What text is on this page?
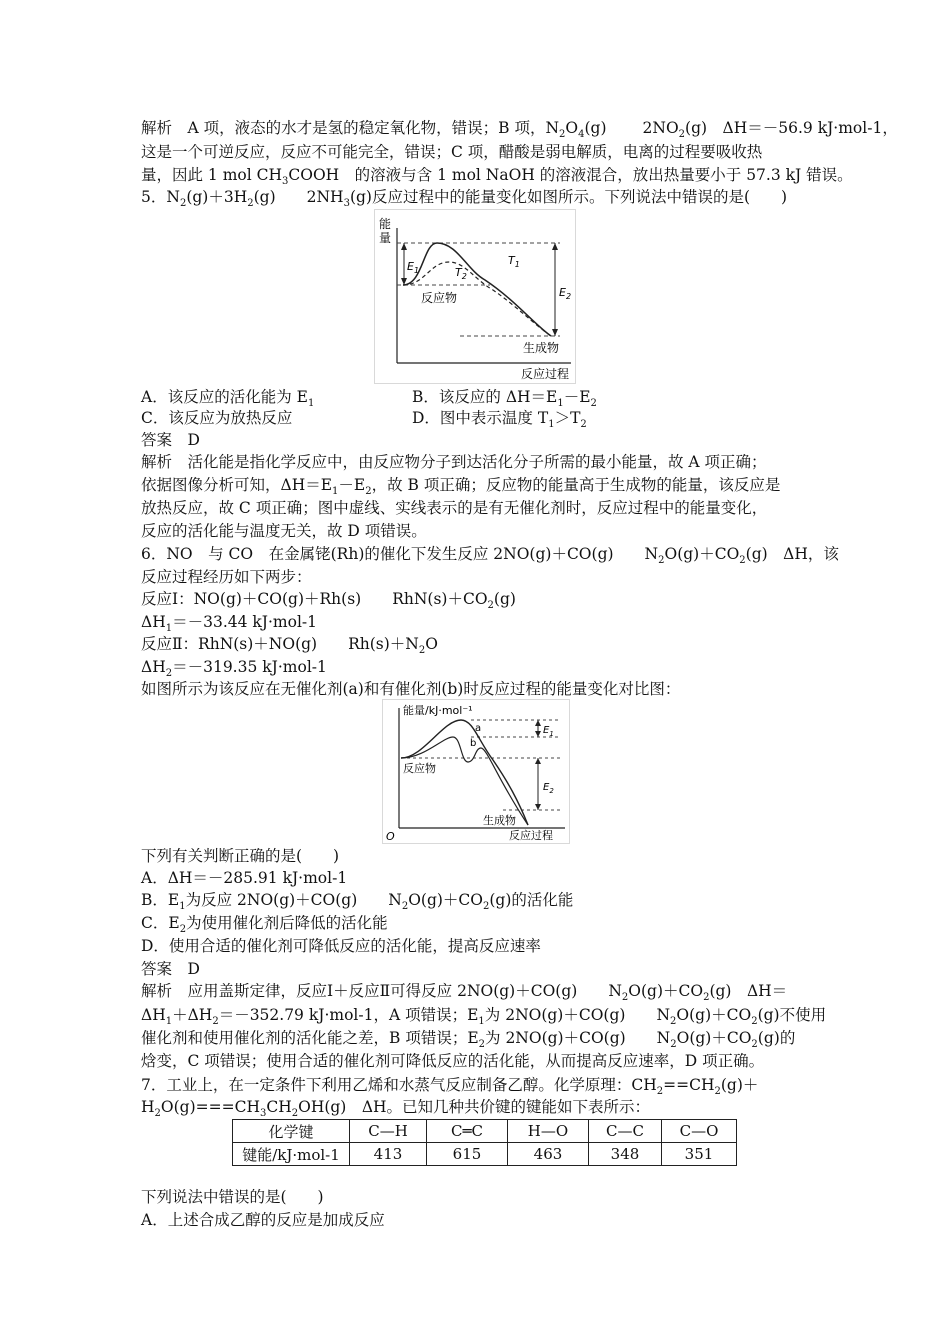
解析　A 项，液态的水才是氢的稳定氧化物，错误；B 项，$N_2O_4(g)$ $2NO_2(g)$　ΔH＝－56.9 kJ·mol-1，
这是一个可逆反应，反应不可能完全，错误；C 项，醋酸是弱电解质，电离的过程要吸收热
量，因此 1 mol $CH_3COOH$　的溶液与含 1 mol NaOH 的溶液混合，放出热量要小于 57.3 kJ 错误。
5．$N_2(g)+3H_2(g)$　　$2NH_3(g)$反应过程中的能量变化如图所示。下列说法中错误的是(　　)
能
量
$E_1$
$E_2$
$T_1$
$T_2$
反应物
生成物
反应过程
A．该反应的活化能为 $E_1$	B．该反应的 $\Delta H=E_1-E_2$
C．该反应为放热反应	D．图中表示温度 $T_1>T_2$
答案　D
解析　活化能是指化学反应中，由反应物分子到达活化分子所需的最小能量，故 A 项正确；
依据图像分析可知，$\Delta H=E_1-E_2$，故 B 项正确；反应物的能量高于生成物的能量，该反应是
放热反应，故 C 项正确；图中虚线、实线表示的是有无催化剂时，反应过程中的能量变化，
反应的活化能与温度无关，故 D 项错误。
6．NO　与 CO　在金属铑(Rh)的催化下发生反应 2NO(g)＋CO(g)　　$N_2O(g)+CO_2(g)$　ΔH，该
反应过程经历如下两步：
反应Ⅰ：NO(g)＋CO(g)＋Rh(s)　　$RhN(s)+CO_2(g)$
$\Delta H_1=-33.44$ kJ·mol-1
反应Ⅱ：RhN(s)＋NO(g)　　$Rh(s)+N_2O$
$\Delta H_2=-319.35$ kJ·mol-1
如图所示为该反应在无催化剂(a)和有催化剂(b)时反应过程的能量变化对比图：
能量/kJ·mol⁻¹
O
$E_1$
$E_2$
a
b
反应物
生成物
反应过程
下列有关判断正确的是(　　)
A．ΔH＝－285.91 kJ·mol-1
B．$E_1$为反应 2NO(g)＋CO(g)　　$N_2O(g)+CO_2(g)$的活化能
C．$E_2$为使用催化剂后降低的活化能
D．使用合适的催化剂可降低反应的活化能，提高反应速率
答案　D
解析　应用盖斯定律，反应Ⅰ＋反应Ⅱ可得反应 2NO(g)＋CO(g)　　$N_2O(g)+CO_2(g)$　ΔH＝
$\Delta H_1+\Delta H_2=-352.79$ kJ·mol-1，A 项错误；$E_1$为 2NO(g)＋CO(g)　　$N_2O(g)+CO_2(g)$不使用
催化剂和使用催化剂的活化能之差，B 项错误；$E_2$为 2NO(g)＋CO(g)　　$N_2O(g)+CO_2(g)$的
焓变，C 项错误；使用合适的催化剂可降低反应的活化能，从而提高反应速率，D 项正确。
7．工业上，在一定条件下利用乙烯和水蒸气反应制备乙醇。化学原理：$CH_2==CH_2(g)+$
$H_2O(g)===CH_3CH_2OH(g)$　ΔH。已知几种共价键的键能如下表所示：
化学键	C—H	C═C	H—O	C—C	C—O
键能/kJ·mol-1	413	615	463	348	351
下列说法中错误的是(　　)
A．上述合成乙醇的反应是加成反应
